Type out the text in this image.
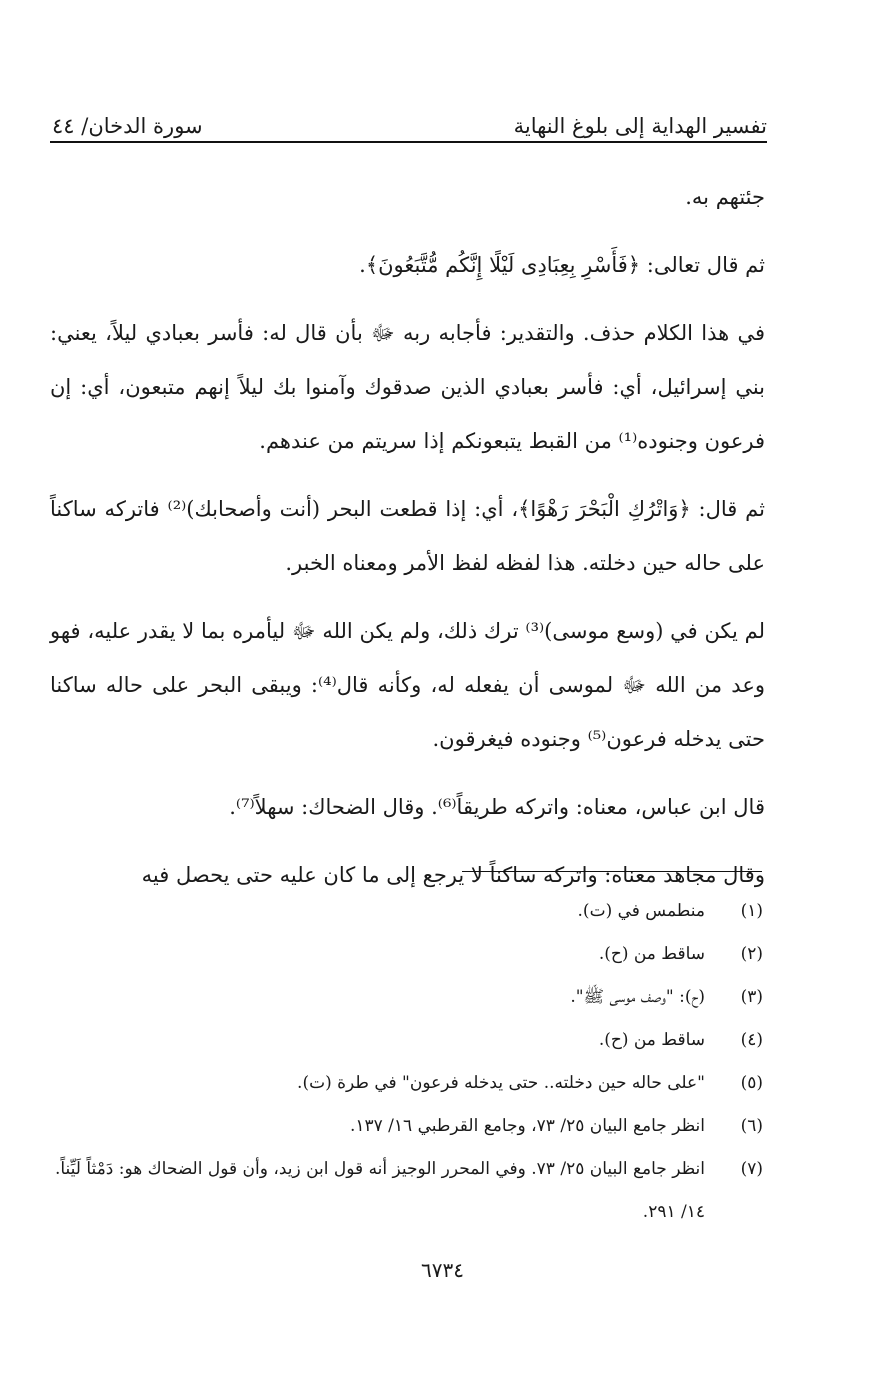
تفسير الهداية إلى بلوغ النهاية
سورة الدخان/ ٤٤

جئتهم به.

ثم قال تعالى: ﴿فَأَسْرِ بِعِبَادِى لَيْلًا إِنَّكُم مُّتَّبَعُونَ﴾.

في هذا الكلام حذف. والتقدير: فأجابه ربه ﷻ بأن قال له: فأسر بعبادي ليلاً، يعني: بني إسرائيل، أي: فأسر بعبادي الذين صدقوك وآمنوا بك ليلاً إنهم متبعون، أي: إن فرعون وجنوده⁽¹⁾ من القبط يتبعونكم إذا سريتم من عندهم.

ثم قال: ﴿وَاتْرُكِ الْبَحْرَ رَهْوًا﴾، أي: إذا قطعت البحر (أنت وأصحابك)⁽²⁾ فاتركه ساكناً على حاله حين دخلته. هذا لفظه لفظ الأمر ومعناه الخبر.

لم يكن في (وسع موسى)⁽³⁾ ترك ذلك، ولم يكن الله ﷻ ليأمره بما لا يقدر عليه، فهو وعد من الله ﷻ لموسى أن يفعله له، وكأنه قال⁽⁴⁾: ويبقى البحر على حاله ساكنا حتى يدخله فرعون⁽⁵⁾ وجنوده فيغرقون.

قال ابن عباس، معناه: واتركه طريقاً⁽⁶⁾. وقال الضحاك: سهلاً⁽⁷⁾.

وقال مجاهد معناه: واتركه ساكناً لا يرجع إلى ما كان عليه حتى يحصل فيه

(١)
منطمس في (ت).
(٢)
ساقط من (ح).
(٣)
(ح): "وصف موسى ﷺ".
(٤)
ساقط من (ح).
(٥)
"على حاله حين دخلته.. حتى يدخله فرعون" في طرة (ت).
(٦)
انظر جامع البيان ٢٥/ ٧٣، وجامع القرطبي ١٦/ ١٣٧.
(٧)
انظر جامع البيان ٢٥/ ٧٣. وفي المحرر الوجيز أنه قول ابن زيد، وأن قول الضحاك هو: دَمْثاً لَيِّناً. ١٤/ ٢٩١.
٦٧٣٤
